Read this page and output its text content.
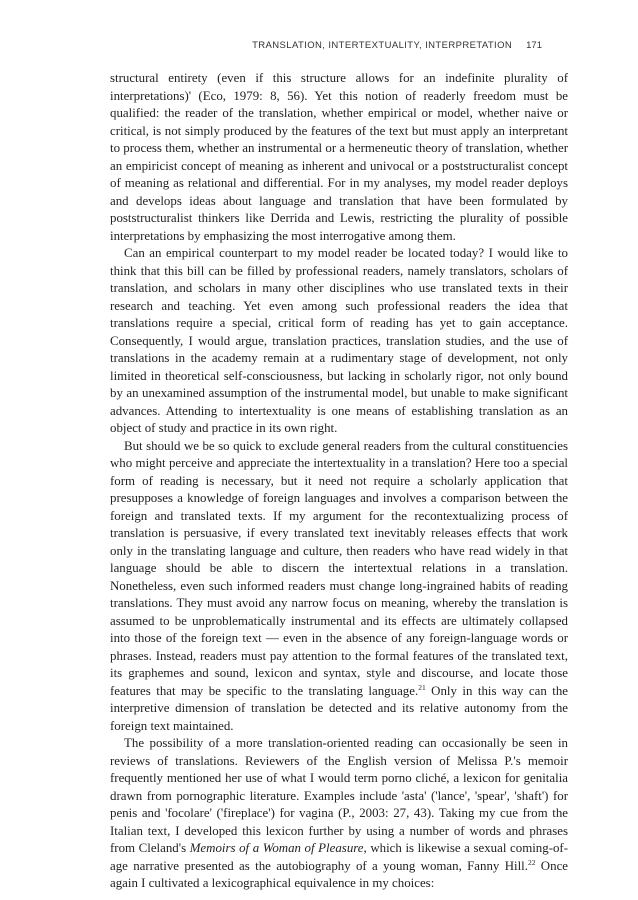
TRANSLATION, INTERTEXTUALITY, INTERPRETATION 171

structural entirety (even if this structure allows for an indefinite plurality of interpretations)' (Eco, 1979: 8, 56). Yet this notion of readerly freedom must be qualified: the reader of the translation, whether empirical or model, whether naive or critical, is not simply produced by the features of the text but must apply an interpretant to process them, whether an instrumental or a hermeneutic theory of translation, whether an empiricist concept of meaning as inherent and univocal or a poststructuralist concept of meaning as relational and differential. For in my analyses, my model reader deploys and develops ideas about language and translation that have been formulated by poststructuralist thinkers like Derrida and Lewis, restricting the plurality of possible interpretations by emphasizing the most interrogative among them.

Can an empirical counterpart to my model reader be located today? I would like to think that this bill can be filled by professional readers, namely translators, scholars of translation, and scholars in many other disciplines who use translated texts in their research and teaching. Yet even among such professional readers the idea that translations require a special, critical form of reading has yet to gain acceptance. Consequently, I would argue, translation practices, translation studies, and the use of translations in the academy remain at a rudimentary stage of development, not only limited in theoretical self-consciousness, but lacking in scholarly rigor, not only bound by an unexamined assumption of the instrumental model, but unable to make significant advances. Attending to intertextuality is one means of establishing translation as an object of study and practice in its own right.

But should we be so quick to exclude general readers from the cultural constituencies who might perceive and appreciate the intertextuality in a translation? Here too a special form of reading is necessary, but it need not require a scholarly application that presupposes a knowledge of foreign languages and involves a comparison between the foreign and translated texts. If my argument for the recontextualizing process of translation is persuasive, if every translated text inevitably releases effects that work only in the translating language and culture, then readers who have read widely in that language should be able to discern the intertextual relations in a translation. Nonetheless, even such informed readers must change long-ingrained habits of reading translations. They must avoid any narrow focus on meaning, whereby the translation is assumed to be unproblematically instrumental and its effects are ultimately collapsed into those of the foreign text — even in the absence of any foreign-language words or phrases. Instead, readers must pay attention to the formal features of the translated text, its graphemes and sound, lexicon and syntax, style and discourse, and locate those features that may be specific to the translating language.$^{21}$ Only in this way can the interpretive dimension of translation be detected and its relative autonomy from the foreign text maintained.

The possibility of a more translation-oriented reading can occasionally be seen in reviews of translations. Reviewers of the English version of Melissa P.'s memoir frequently mentioned her use of what I would term porno cliché, a lexicon for genitalia drawn from pornographic literature. Examples include 'asta' ('lance', 'spear', 'shaft') for penis and 'focolare' ('fireplace') for vagina (P., 2003: 27, 43). Taking my cue from the Italian text, I developed this lexicon further by using a number of words and phrases from Cleland's Memoirs of a Woman of Pleasure, which is likewise a sexual coming-of-age narrative presented as the autobiography of a young woman, Fanny Hill.$^{22}$ Once again I cultivated a lexicographical equivalence in my choices:
